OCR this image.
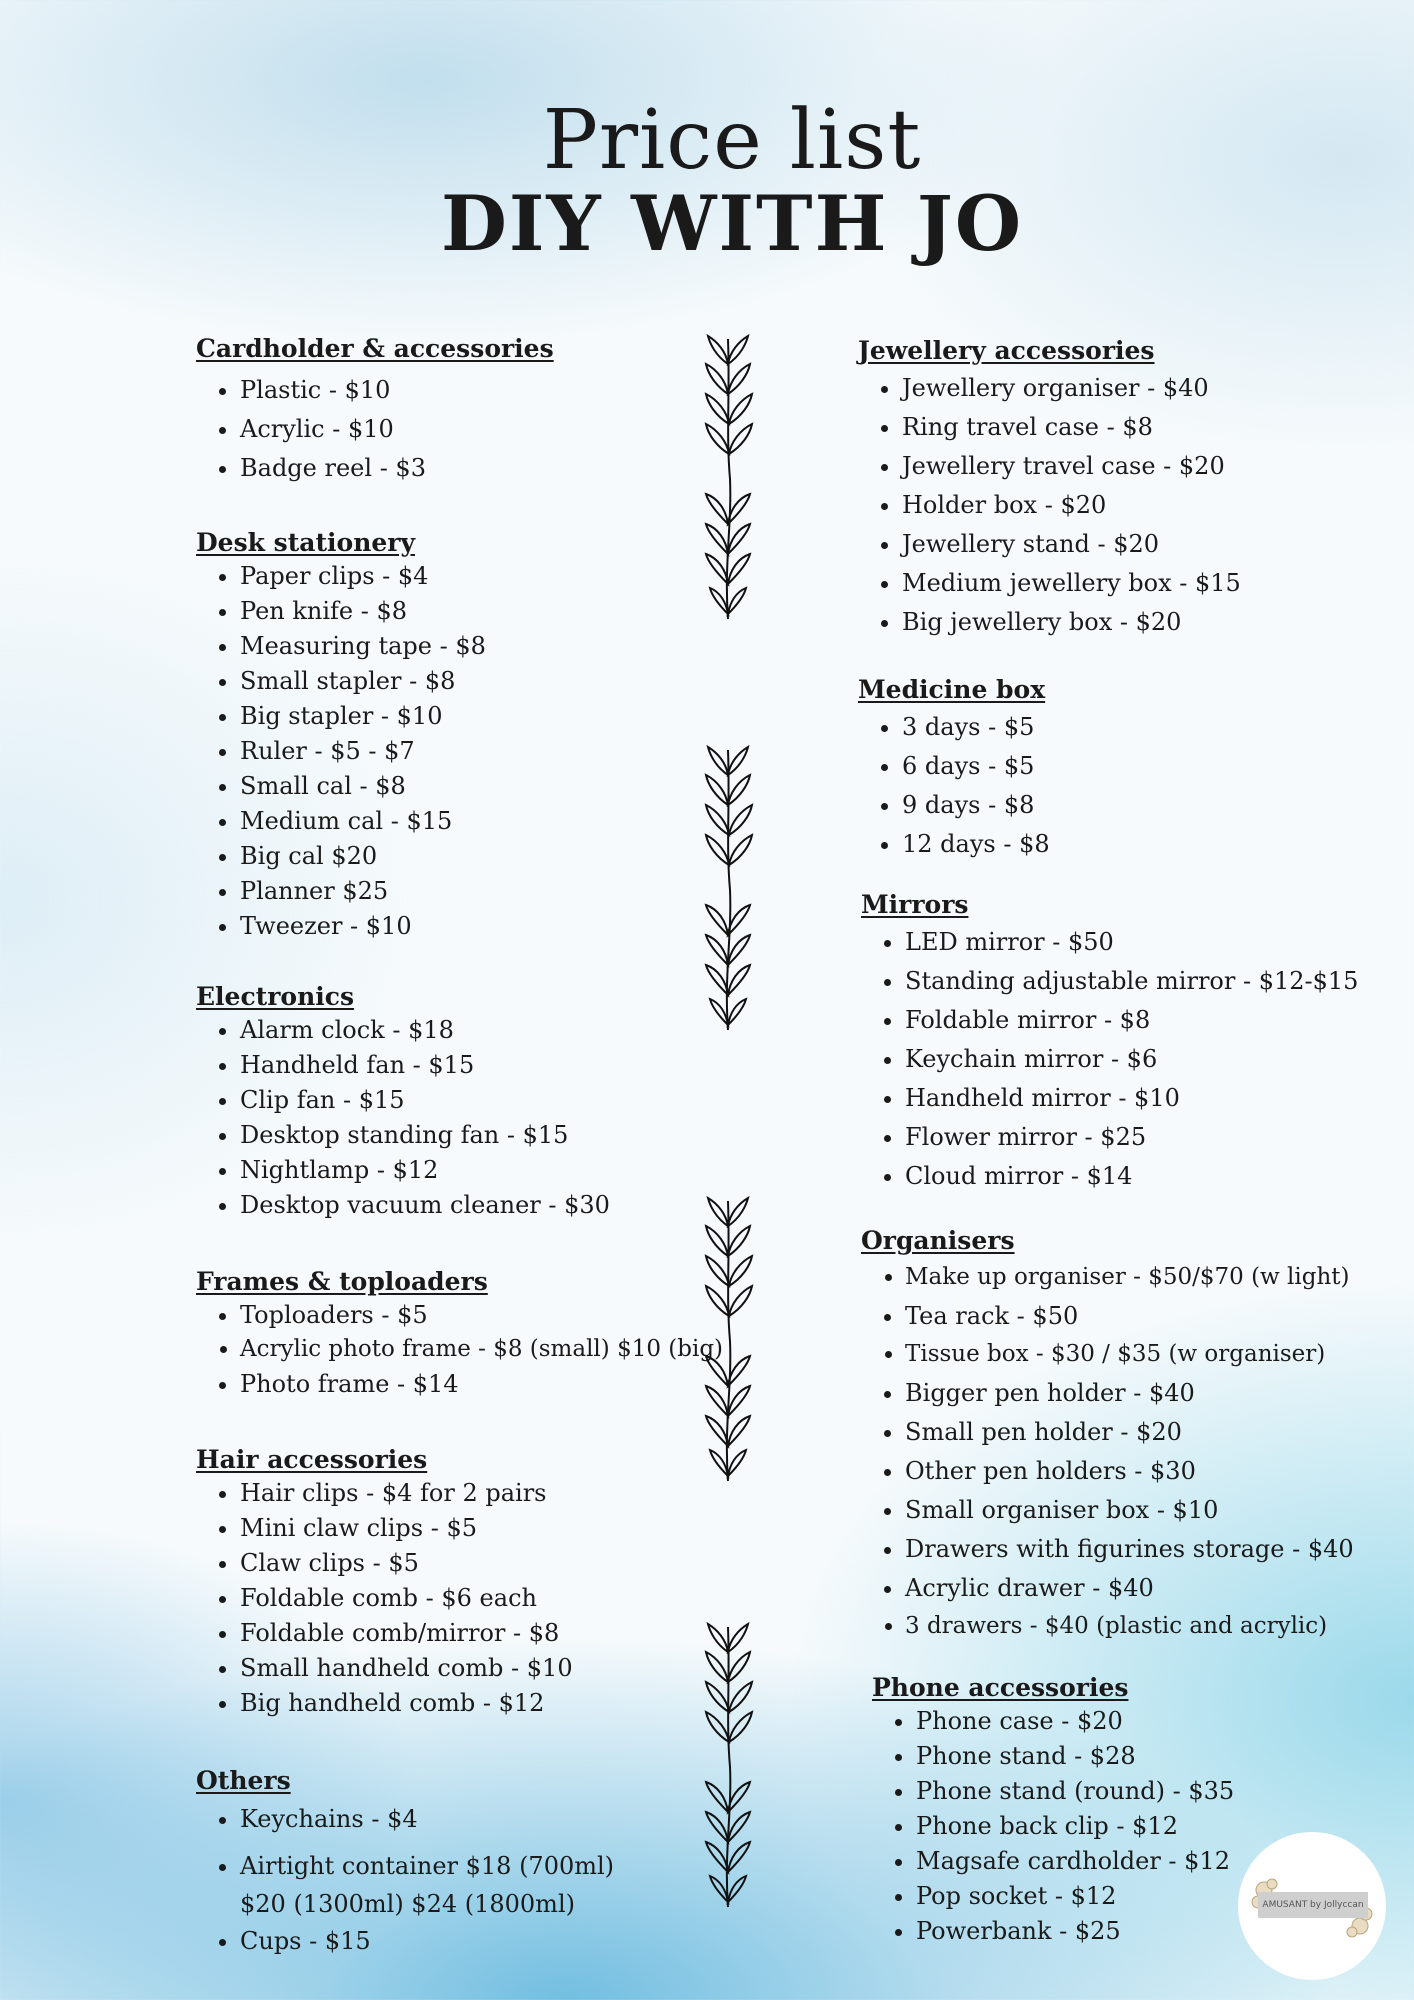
Price list
DIY WITH JO
Cardholder & accessories
• Plastic - $10
• Acrylic - $10
• Badge reel - $3
Desk stationery
• Paper clips - $4
• Pen knife - $8
• Measuring tape - $8
• Small stapler - $8
• Big stapler - $10
• Ruler - $5 - $7
• Small cal - $8
• Medium cal - $15
• Big cal $20
• Planner $25
• Tweezer - $10
Electronics
• Alarm clock - $18
• Handheld fan - $15
• Clip fan - $15
• Desktop standing fan - $15
• Nightlamp - $12
• Desktop vacuum cleaner - $30
Frames & toploaders
• Toploaders - $5
• Acrylic photo frame - $8 (small) $10 (big)
• Photo frame - $14
Hair accessories
• Hair clips - $4 for 2 pairs
• Mini claw clips - $5
• Claw clips - $5
• Foldable comb - $6 each
• Foldable comb/mirror - $8
• Small handheld comb - $10
• Big handheld comb - $12
Others
• Keychains - $4
• Airtight container $18 (700ml) $20 (1300ml) $24 (1800ml)
• Cups - $15
Jewellery accessories
• Jewellery organiser - $40
• Ring travel case - $8
• Jewellery travel case - $20
• Holder box - $20
• Jewellery stand - $20
• Medium jewellery box - $15
• Big jewellery box - $20
Medicine box
• 3 days - $5
• 6 days - $5
• 9 days - $8
• 12 days - $8
Mirrors
• LED mirror - $50
• Standing adjustable mirror - $12-$15
• Foldable mirror - $8
• Keychain mirror - $6
• Handheld mirror - $10
• Flower mirror - $25
• Cloud mirror - $14
Organisers
• Make up organiser - $50/$70 (w light)
• Tea rack - $50
• Tissue box - $30 / $35 (w organiser)
• Bigger pen holder - $40
• Small pen holder - $20
• Other pen holders - $30
• Small organiser box - $10
• Drawers with figurines storage - $40
• Acrylic drawer - $40
• 3 drawers - $40 (plastic and acrylic)
Phone accessories
• Phone case - $20
• Phone stand - $28
• Phone stand (round) - $35
• Phone back clip - $12
• Magsafe cardholder - $12
• Pop socket - $12
• Powerbank - $25
AMUSANT by Jollyccan
